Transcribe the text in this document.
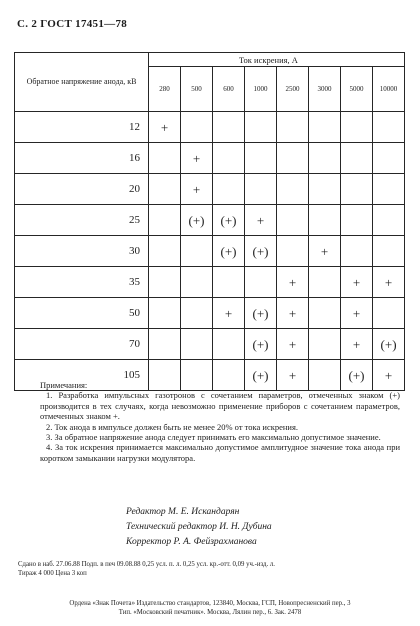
С. 2 ГОСТ 17451—78
Обратное напряжение анода, кВ	Ток искрения, А							
	280	500	600	1000	2500	3000	5000	10000
12	+							
16		+						
20		+						
25		(+)	(+)	+				
30			(+)	(+)		+		
35					+		+	+
50			+	(+)	+		+	
70				(+)	+		+	(+)
105				(+)	+		(+)	+

Примечания:

1. Разработка импульсных газотронов с сочетанием параметров, отмеченных знаком (+) производится в тех случаях, когда невозможно применение приборов с сочетанием параметров, отмеченных знаком +.

2. Ток анода в импульсе должен быть не менее 20% от тока искрения.

3. За обратное напряжение анода следует принимать его максимально допустимое значение.

4. За ток искрения принимается максимально допустимое амплитудное значение тока анода при коротком замыкании нагрузки модулятора.

Редактор М. Е. Искандарян
Технический редактор И. Н. Дубина
Корректор Р. А. Фейзрахманова
Сдано в наб. 27.06.88 Подп. в печ 09.08.88 0,25 усл. п. л. 0,25 усл. кр.-отт. 0,09 уч.-изд. л.
Тираж 4 000 Цена 3 коп
Ордена «Знак Почета» Издательство стандартов, 123840, Москва, ГСП, Новопресненский пер., 3
Тип. «Московский печатник». Москва, Лялин пер., 6. Зак. 2478
